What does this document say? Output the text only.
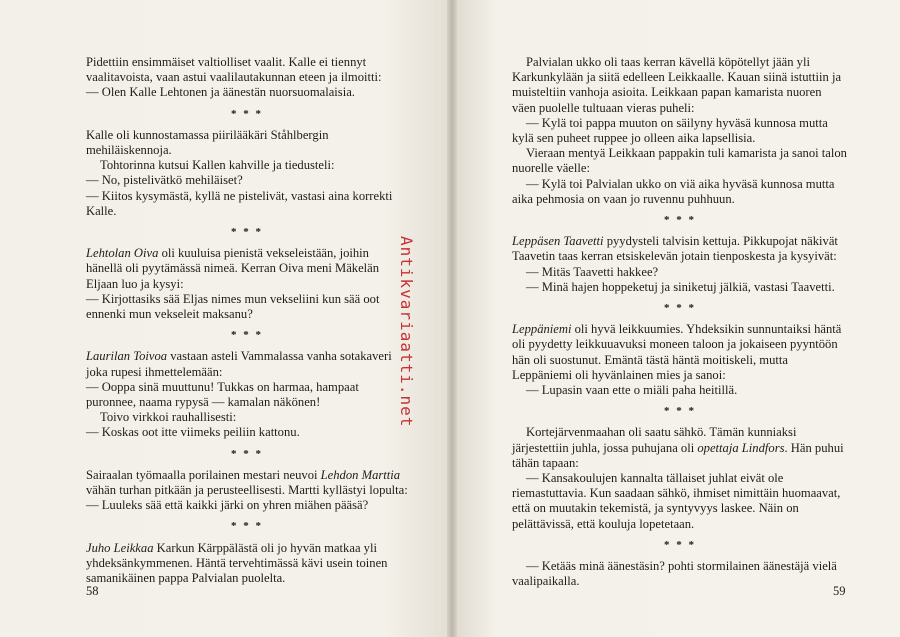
Pidettiin ensimmäiset valtiolliset vaalit. Kalle ei tiennyt vaalitavoista, vaan astui vaalilautakunnan eteen ja ilmoitti:

— Olen Kalle Lehtonen ja äänestän nuorsuomalaisia.

* * *

Kalle oli kunnostamassa piirilääkäri Ståhlbergin mehiläiskennoja.

Tohtorinna kutsui Kallen kahville ja tiedusteli:

— No, pistelivätkö mehiläiset?

— Kiitos kysymästä, kyllä ne pistelivät, vastasi aina korrekti Kalle.

* * *

Lehtolan Oiva oli kuuluisa pienistä vekseleistään, joihin hänellä oli pyytämässä nimeä. Kerran Oiva meni Mäkelän Eljaan luo ja kysyi:

— Kirjottasiks sää Eljas nimes mun vekseliini kun sää oot ennenki mun vekseleit maksanu?

* * *

Laurilan Toivoa vastaan asteli Vammalassa vanha sotakaveri joka rupesi ihmettelemään:

— Ooppa sinä muuttunu! Tukkas on harmaa, hampaat puronnee, naama rypysä — kamalan näkönen!

Toivo virkkoi rauhallisesti:

— Koskas oot itte viimeks peiliin kattonu.

* * *

Sairaalan työmaalla porilainen mestari neuvoi Lehdon Marttia vähän turhan pitkään ja perusteellisesti. Martti kyllästyi lopulta:

— Luuleks sää että kaikki järki on yhren miähen pääsä?

* * *

Juho Leikkaa Karkun Kärppälästä oli jo hyvän matkaa yli yhdeksänkymmenen. Häntä tervehtimässä kävi usein toinen samanikäinen pappa Palvialan puolelta.

58

Palvialan ukko oli taas kerran kävellä köpötellyt jään yli Karkunkylään ja siitä edelleen Leikkaalle. Kauan siinä istuttiin ja muisteltiin vanhoja asioita. Leikkaan papan kamarista nuoren väen puolelle tultuaan vieras puheli:

— Kylä toi pappa muuton on säilyny hyväsä kunnosa mutta kylä sen puheet ruppee jo olleen aika lapsellisia.

Vieraan mentyä Leikkaan pappakin tuli kamarista ja sanoi talon nuorelle väelle:

— Kylä toi Palvialan ukko on viä aika hyväsä kunnosa mutta aika pehmosia on vaan jo ruvennu puhhuun.

* * *

Leppäsen Taavetti pyydysteli talvisin kettuja. Pikkupojat näkivät Taavetin taas kerran etsiskelevän jotain tienposkesta ja kysyivät:

— Mitäs Taavetti hakkee?

— Minä hajen hoppeketuj ja siniketuj jälkiä, vastasi Taavetti.

* * *

Leppäniemi oli hyvä leikkuumies. Yhdeksikin sunnuntaiksi häntä oli pyydetty leikkuuavuksi moneen taloon ja jokaiseen pyyntöön hän oli suostunut. Emäntä tästä häntä moitiskeli, mutta Leppäniemi oli hyvänlainen mies ja sanoi:

— Lupasin vaan ette o miäli paha heitillä.

* * *

Kortejärvenmaahan oli saatu sähkö. Tämän kunniaksi järjestettiin juhla, jossa puhujana oli opettaja Lindfors. Hän puhui tähän tapaan:

— Kansakoulujen kannalta tällaiset juhlat eivät ole riemastuttavia. Kun saadaan sähkö, ihmiset nimittäin huomaavat, että on muutakin tekemistä, ja syntyvyys laskee. Näin on pelättävissä, että kouluja lopetetaan.

* * *

— Ketääs minä äänestäsin? pohti stormilainen äänestäjä vielä vaalipaikalla.

59
Antikvariaatti.net
